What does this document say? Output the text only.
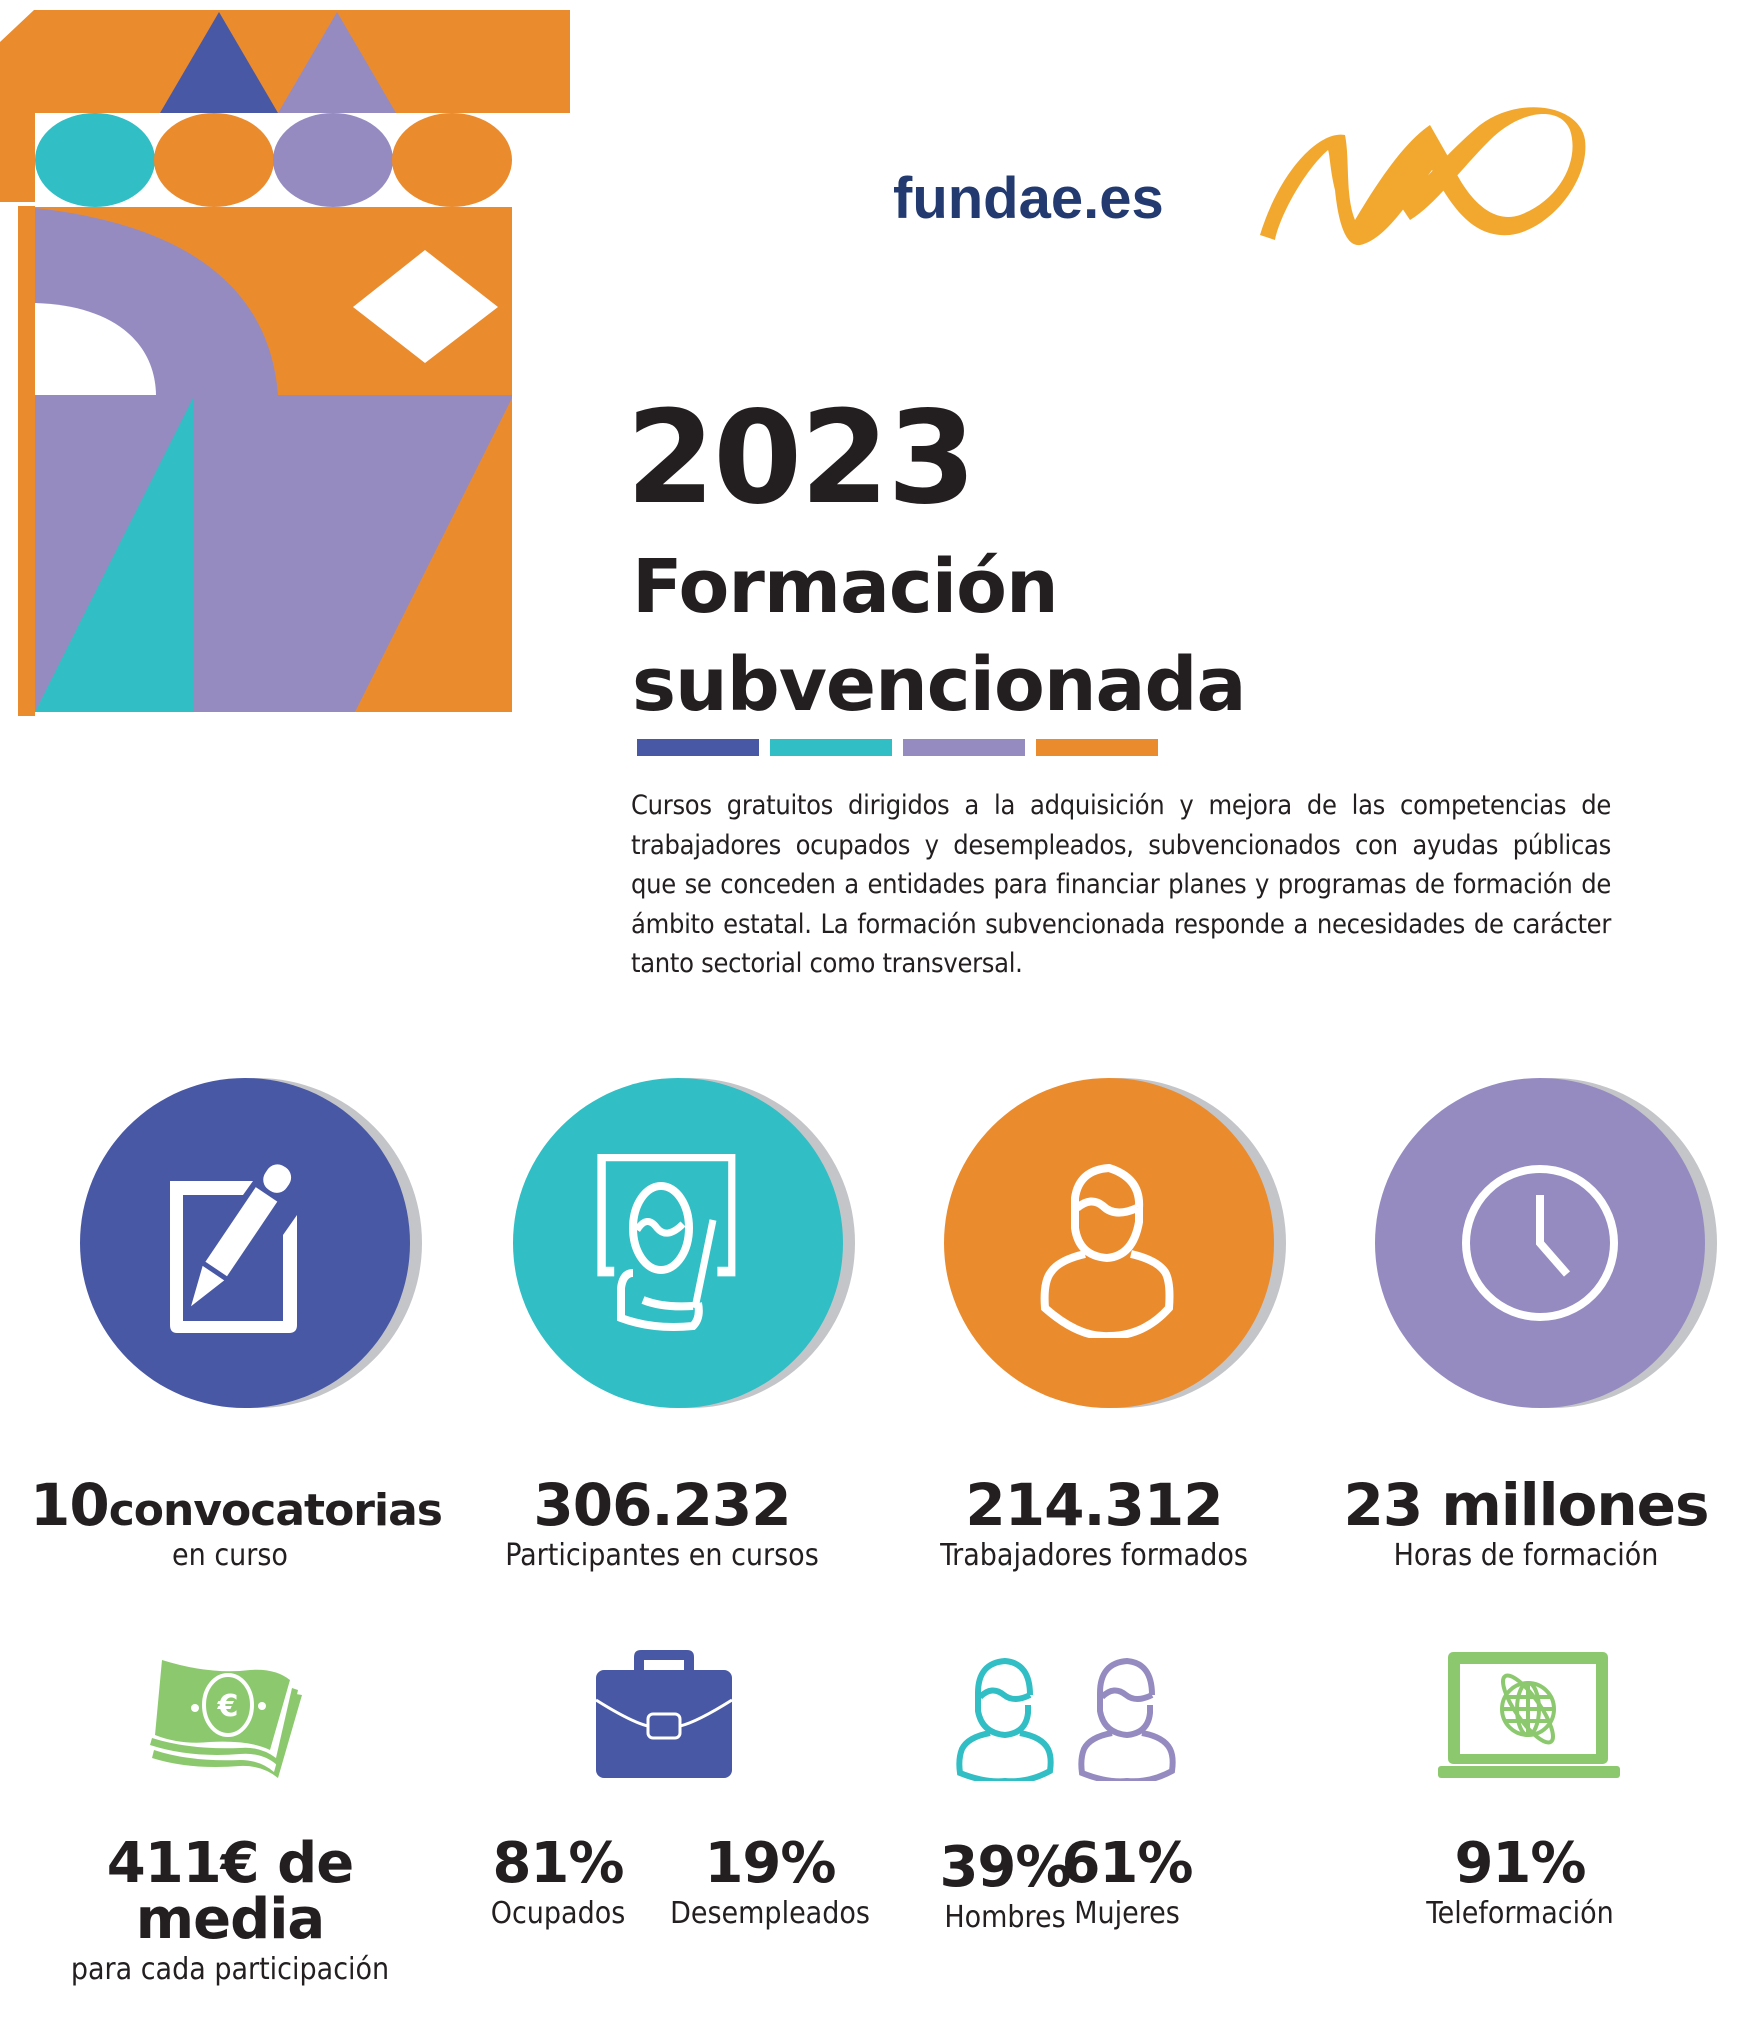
fundae.es
2023
Formación
subvencionada

Cursos gratuitos dirigidos a la adquisición y mejora de las competencias de trabajadores ocupados y desempleados, subvencionados con ayudas públicas que se conceden a entidades para financiar planes y programas de formación de ámbito estatal. La formación subvencionada responde a necesidades de carácter tanto sectorial como transversal.

10convocatorias
en curso
306.232
Participantes en cursos
214.312
Trabajadores formados
23 millones
Horas de formación
€
411€ de media
para cada participación
81%
Ocupados
19%
Desempleados
39%
Hombres
61%
Mujeres
91%
Teleformación
